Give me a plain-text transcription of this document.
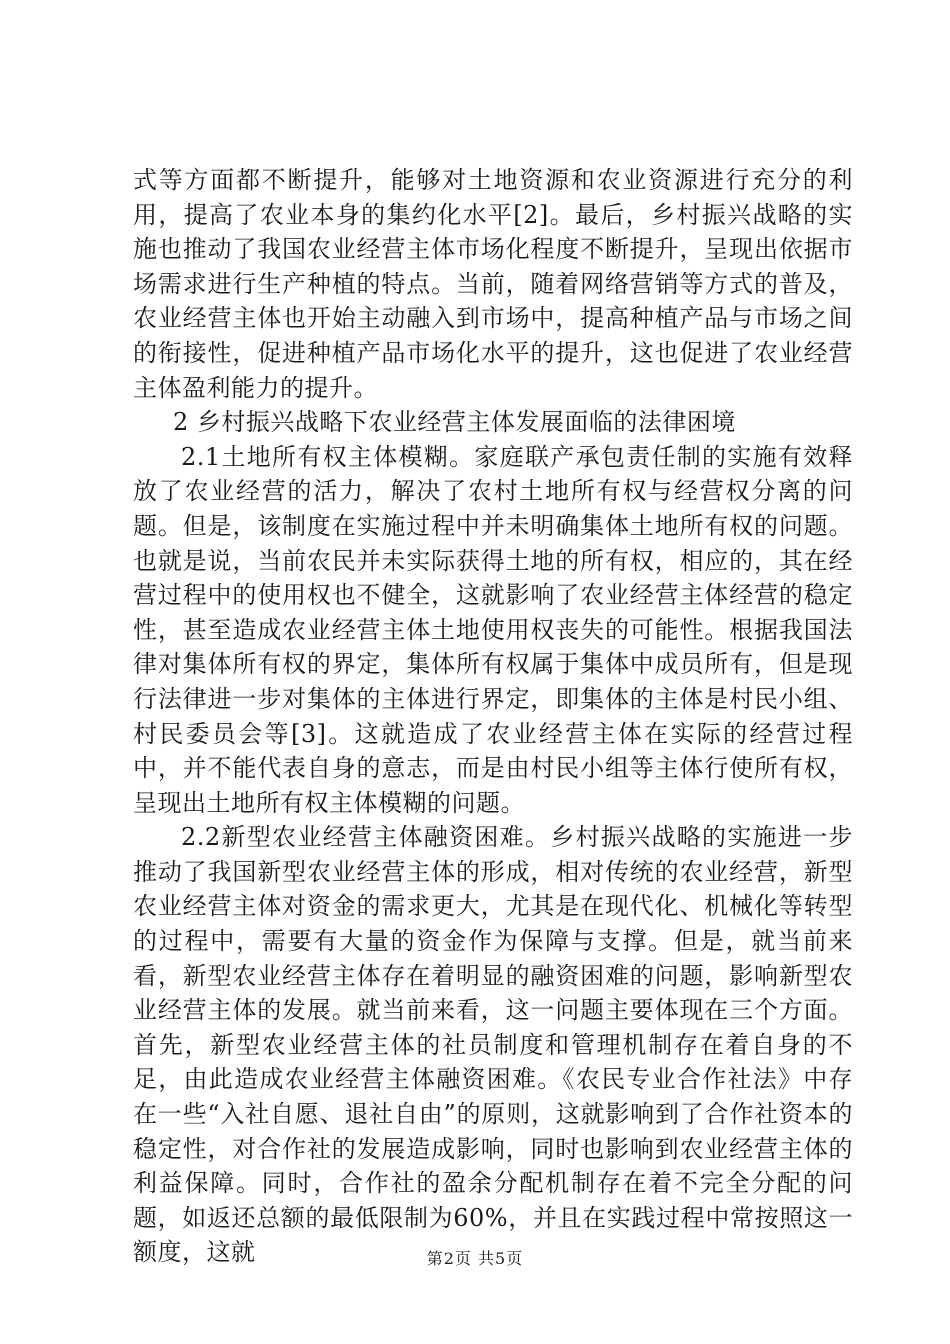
式等方面都不断提升，能够对土地资源和农业资源进行充分的利用，提高了农业本身的集约化水平[2]。最后，乡村振兴战略的实施也推动了我国农业经营主体市场化程度不断提升，呈现出依据市场需求进行生产种植的特点。当前，随着网络营销等方式的普及，农业经营主体也开始主动融入到市场中，提高种植产品与市场之间的衔接性，促进种植产品市场化水平的提升，这也促进了农业经营主体盈利能力的提升。

2 乡村振兴战略下农业经营主体发展面临的法律困境

2.1土地所有权主体模糊。家庭联产承包责任制的实施有效释放了农业经营的活力，解决了农村土地所有权与经营权分离的问题。但是，该制度在实施过程中并未明确集体土地所有权的问题。也就是说，当前农民并未实际获得土地的所有权，相应的，其在经营过程中的使用权也不健全，这就影响了农业经营主体经营的稳定性，甚至造成农业经营主体土地使用权丧失的可能性。根据我国法律对集体所有权的界定，集体所有权属于集体中成员所有，但是现行法律进一步对集体的主体进行界定，即集体的主体是村民小组、村民委员会等[3]。这就造成了农业经营主体在实际的经营过程中，并不能代表自身的意志，而是由村民小组等主体行使所有权，呈现出土地所有权主体模糊的问题。

2.2新型农业经营主体融资困难。乡村振兴战略的实施进一步推动了我国新型农业经营主体的形成，相对传统的农业经营，新型农业经营主体对资金的需求更大，尤其是在现代化、机械化等转型的过程中，需要有大量的资金作为保障与支撑。但是，就当前来看，新型农业经营主体存在着明显的融资困难的问题，影响新型农业经营主体的发展。就当前来看，这一问题主要体现在三个方面。首先，新型农业经营主体的社员制度和管理机制存在着自身的不足，由此造成农业经营主体融资困难。《农民专业合作社法》中存在一些“入社自愿、退社自由”的原则，这就影响到了合作社资本的稳定性，对合作社的发展造成影响，同时也影响到农业经营主体的利益保障。同时，合作社的盈余分配机制存在着不完全分配的问题，如返还总额的最低限制为60%，并且在实践过程中常按照这一额度，这就	第2页 共5页
